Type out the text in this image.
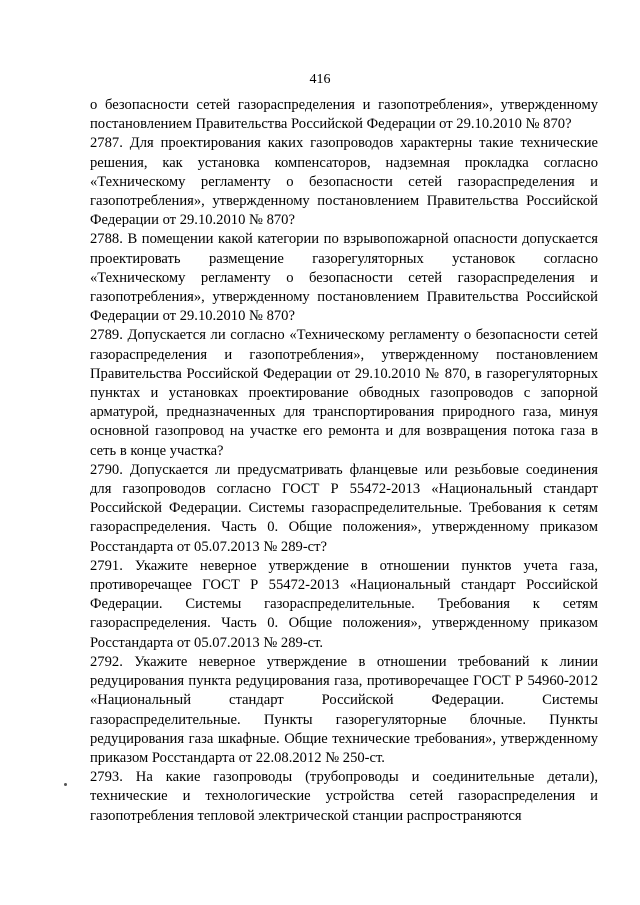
416

о безопасности сетей газораспределения и газопотребления», утвержденному постановлением Правительства Российской Федерации от 29.10.2010 № 870?

2787. Для проектирования каких газопроводов характерны такие технические решения, как установка компенсаторов, надземная прокладка согласно «Техническому регламенту о безопасности сетей газораспределения и газопотребления», утвержденному постановлением Правительства Российской Федерации от 29.10.2010 № 870?

2788. В помещении какой категории по взрывопожарной опасности допускается проектировать размещение газорегуляторных установок согласно «Техническому регламенту о безопасности сетей газораспределения и газопотребления», утвержденному постановлением Правительства Российской Федерации от 29.10.2010 № 870?

2789. Допускается ли согласно «Техническому регламенту о безопасности сетей газораспределения и газопотребления», утвержденному постановлением Правительства Российской Федерации от 29.10.2010 № 870, в газорегуляторных пунктах и установках проектирование обводных газопроводов с запорной арматурой, предназначенных для транспортирования природного газа, минуя основной газопровод на участке его ремонта и для возвращения потока газа в сеть в конце участка?

2790. Допускается ли предусматривать фланцевые или резьбовые соединения для газопроводов согласно ГОСТ Р 55472-2013 «Национальный стандарт Российской Федерации. Системы газораспределительные. Требования к сетям газораспределения. Часть 0. Общие положения», утвержденному приказом Росстандарта от 05.07.2013 № 289-ст?

2791. Укажите неверное утверждение в отношении пунктов учета газа, противоречащее ГОСТ Р 55472-2013 «Национальный стандарт Российской Федерации. Системы газораспределительные. Требования к сетям газораспределения. Часть 0. Общие положения», утвержденному приказом Росстандарта от 05.07.2013 № 289-ст.

2792. Укажите неверное утверждение в отношении требований к линии редуцирования пункта редуцирования газа, противоречащее ГОСТ Р 54960-2012 «Национальный стандарт Российской Федерации. Системы газораспределительные. Пункты газорегуляторные блочные. Пункты редуцирования газа шкафные. Общие технические требования», утвержденному приказом Росстандарта от 22.08.2012 № 250-ст.

2793. На какие газопроводы (трубопроводы и соединительные детали), технические и технологические устройства сетей газораспределения и газопотребления тепловой электрической станции распространяются
